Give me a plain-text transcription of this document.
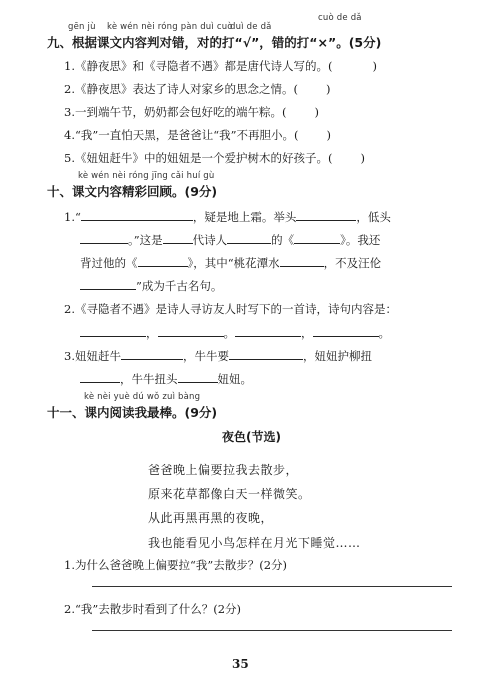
gēn jù kè wén nèi róng pàn duì cuò
duì de dǎ
cuò de dǎ
九、根据课文内容判对错，对的打“√”，错的打“×”。(5分)
1.《静夜思》和《寻隐者不遇》都是唐代诗人写的。(	)
2.《静夜思》表达了诗人对家乡的思念之情。( )
3.一到端午节，奶奶都会包好吃的端午粽。( )
4.“我”一直怕天黑，是爸爸让“我”不再胆小。( )
5.《妞妞赶牛》中的妞妞是一个爱护树木的好孩子。( )
kè wén nèi róng jīng cǎi huí gù
十、课文内容精彩回顾。(9分)
1.“	，疑是地上霜。举头	，低头
。”这是	代诗人	的《	》。我还
背过他的《	》，其中“桃花潭水	，不及汪伦
”成为千古名句。
2.《寻隐者不遇》是诗人寻访友人时写下的一首诗，诗句内容是：
，	。	，	。
3.妞妞赶牛	，牛牛要	，妞妞护柳扭
，牛牛扭头	妞妞。
kè nèi yuè dú wǒ zuì bàng
十一、课内阅读我最棒。(9分)
夜色(节选)
爸爸晚上偏要拉我去散步，
原来花草都像白天一样微笑。
从此再黑再黑的夜晚，
我也能看见小鸟怎样在月光下睡觉……
1.为什么爸爸晚上偏要拉“我”去散步？(2分)
2.“我”去散步时看到了什么？(2分)
35
